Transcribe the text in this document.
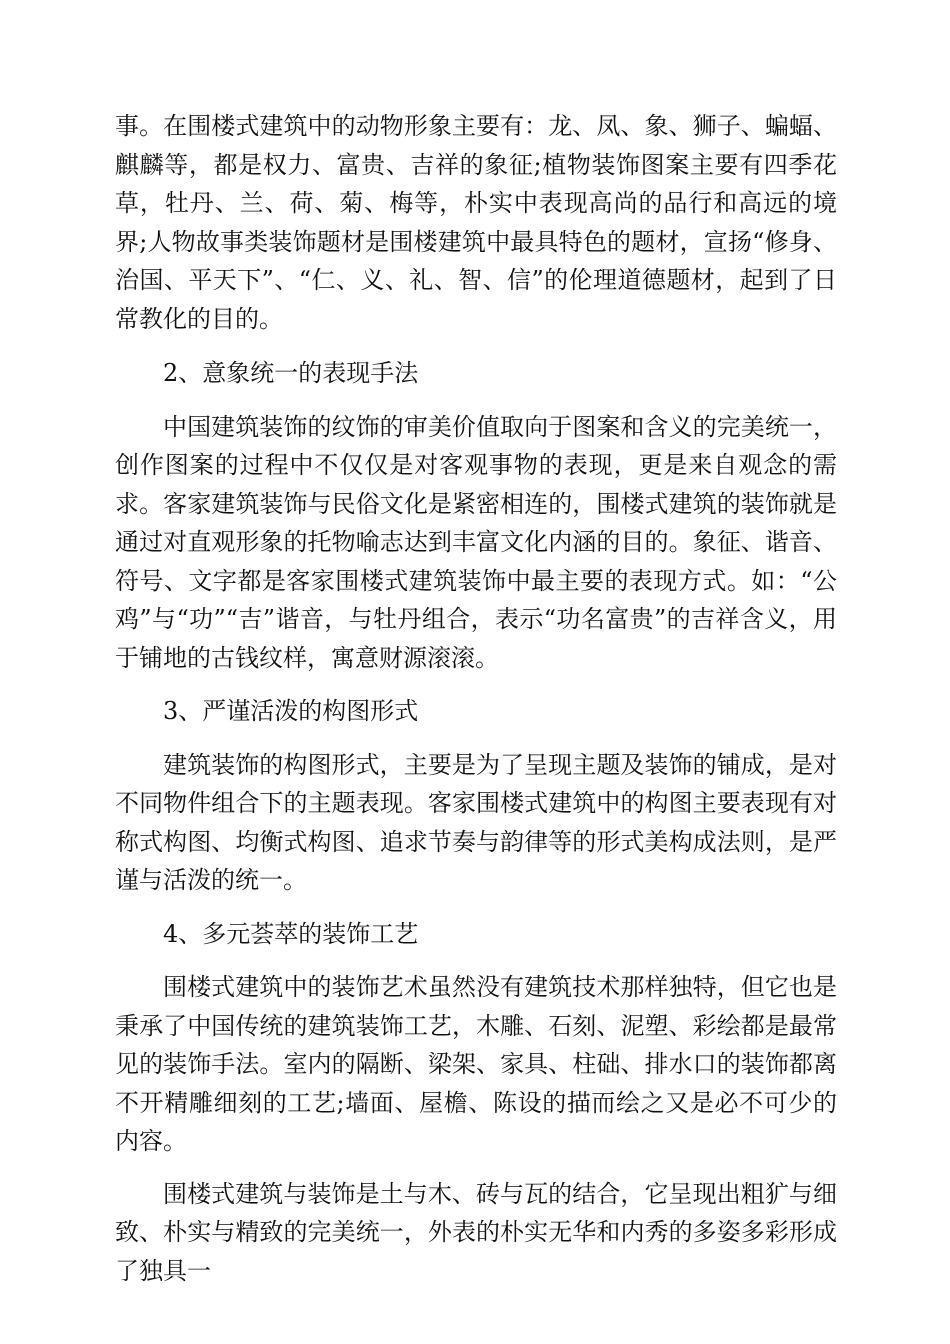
事。在围楼式建筑中的动物形象主要有：龙、凤、象、狮子、蝙蝠、麒麟等，都是权力、富贵、吉祥的象征;植物装饰图案主要有四季花草，牡丹、兰、荷、菊、梅等，朴实中表现高尚的品行和高远的境界;人物故事类装饰题材是围楼建筑中最具特色的题材，宣扬“修身、治国、平天下”、“仁、义、礼、智、信”的伦理道德题材，起到了日常教化的目的。

2、意象统一的表现手法

中国建筑装饰的纹饰的审美价值取向于图案和含义的完美统一，创作图案的过程中不仅仅是对客观事物的表现，更是来自观念的需求。客家建筑装饰与民俗文化是紧密相连的，围楼式建筑的装饰就是通过对直观形象的托物喻志达到丰富文化内涵的目的。象征、谐音、符号、文字都是客家围楼式建筑装饰中最主要的表现方式。如：“公鸡”与“功”“吉”谐音，与牡丹组合，表示“功名富贵”的吉祥含义，用于铺地的古钱纹样，寓意财源滚滚。

3、严谨活泼的构图形式

建筑装饰的构图形式，主要是为了呈现主题及装饰的铺成，是对不同物件组合下的主题表现。客家围楼式建筑中的构图主要表现有对称式构图、均衡式构图、追求节奏与韵律等的形式美构成法则，是严谨与活泼的统一。

4、多元荟萃的装饰工艺

围楼式建筑中的装饰艺术虽然没有建筑技术那样独特，但它也是秉承了中国传统的建筑装饰工艺，木雕、石刻、泥塑、彩绘都是最常见的装饰手法。室内的隔断、梁架、家具、柱础、排水口的装饰都离不开精雕细刻的工艺;墙面、屋檐、陈设的描而绘之又是必不可少的内容。

围楼式建筑与装饰是土与木、砖与瓦的结合，它呈现出粗犷与细致、朴实与精致的完美统一，外表的朴实无华和内秀的多姿多彩形成了独具一
